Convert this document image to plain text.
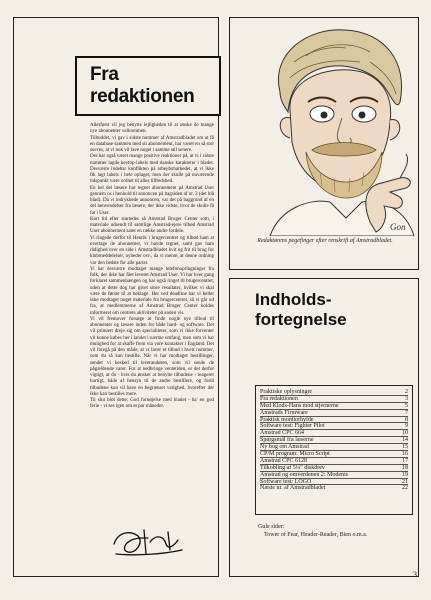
Fra
redaktionen

Allerførst vil jeg benytte lejligheden til at ønske de mange nye abonnenter velkommen.

Tilbuddet, vi gav i sidste nummer af Amstradbladet om at få en database sammen med sit abonnement, har været en så stor succes, at vi nok vil lave noget i samme stil senere.

Der har også været mange positive reaktioner på, at vi i sidste nummer lagde keytop-labels med danske karakterer i bladet. Desværre indebar konflikten på arbejdsmarkedet, at vi ikke fik lagt labels i hele oplaget, men der skulle på nuværende tidspunkt være ordnet til alles tilfredshed.

En hel del læsere har tegnet abonnement på Amstrad User gennem os i henhold til annoncen på bagsiden af nr. 2 (det blå blad). Da vi indrykkede annoncen, var det på baggrund af en del henvendelser fra læsere, der ikke vidste, hvor de skulle få fat i User.

Kort tid efter startedes så Amstrad Bruger Center som, i materiale udsendt til samtlige Amstrad-ejere tilbød Amstrad User abonnement samt en række andre fordele.

Vi ringede derfor til Henrik i brugercentret og tilbød ham at overtage de abonnenter, vi havde tegnet, samt gav ham rådighed over en side i Amstradbladet kvit og frit til brug for klubmeddelelser, nyheder osv., da vi mente, at denne ordning var den bedste for alle parter.

Vi har desværre modtaget mange telefonopringninger fra folk, der ikke har fået leveret Amstrad User. Vi har hver gang forklaret sammenhængen og har også ringet til brugercentret, uden at dette dog har givet store resultater, hvilket vi skal være de første til at beklage. Her ved deadline har vi heller ikke modtaget noget materiale fra brugercentret, så vi går ud fra, at medlemmerne af Amstrad Bruger Center holdes informeret om centrets aktiviteter på anden vis.

Vi vil fremover forsøge at finde nogle nye tilbud til abonnenter og læsere inden for både hard- og software. Det vil primært dreje sig om specialiteter, som vi ikke forventer vil kunne købes her i landet i nærme omfang, men som vi har mulighed for at skaffe frem via vore kontakter i England. Det vil foregå på den måde, at vi laver et tilbud i hvert nummer, som du så kan bestille. Når vi har modtaget bestillinger, sender vi besked til leverandøren, som vil sende de pågældende varer. For at nedbringe ventetiden, er det derfor vigtigt, at du - hvis du ønsker at benytte tilbudene - reagerer hurtigt, både af hensyn til de andre bestillere, og fordi tilbudene kun vil have en begrænset varighed, hvorefter der ikke kan bestilles mere.

Til slut blot dette: God fornøjelse med bladet - ha' en god ferie - vi ses igen om et par måneder.

Gon
Redaktørens pegefinger efter renskrift af Amstradbladet.
Indholds-
fortegnelse
Praktiske oplysninger	2
Fra redaktionen	3
Med Klods-Hans mod stjernerne	5
Amstrads Firmware	7
Praktisk monitorhylde	8
Software test: Fighter Pilot	9
Amstrad CPC 664	10
Spørgsmål fra læserne	14
Ny bog om Amstrad	15
CP/M program: Micro Script	16
Amstrad CPC 6128	17
Tilkobling af 5¼" diskdrev	18
Amstrad og omverdenen 2: Modems	19
Software test: LOGO	21
Næste nr. af Amstradbladet	22
Gule sider:
Tower of Fear, Header-Reader, Bien o.m.a.
3
